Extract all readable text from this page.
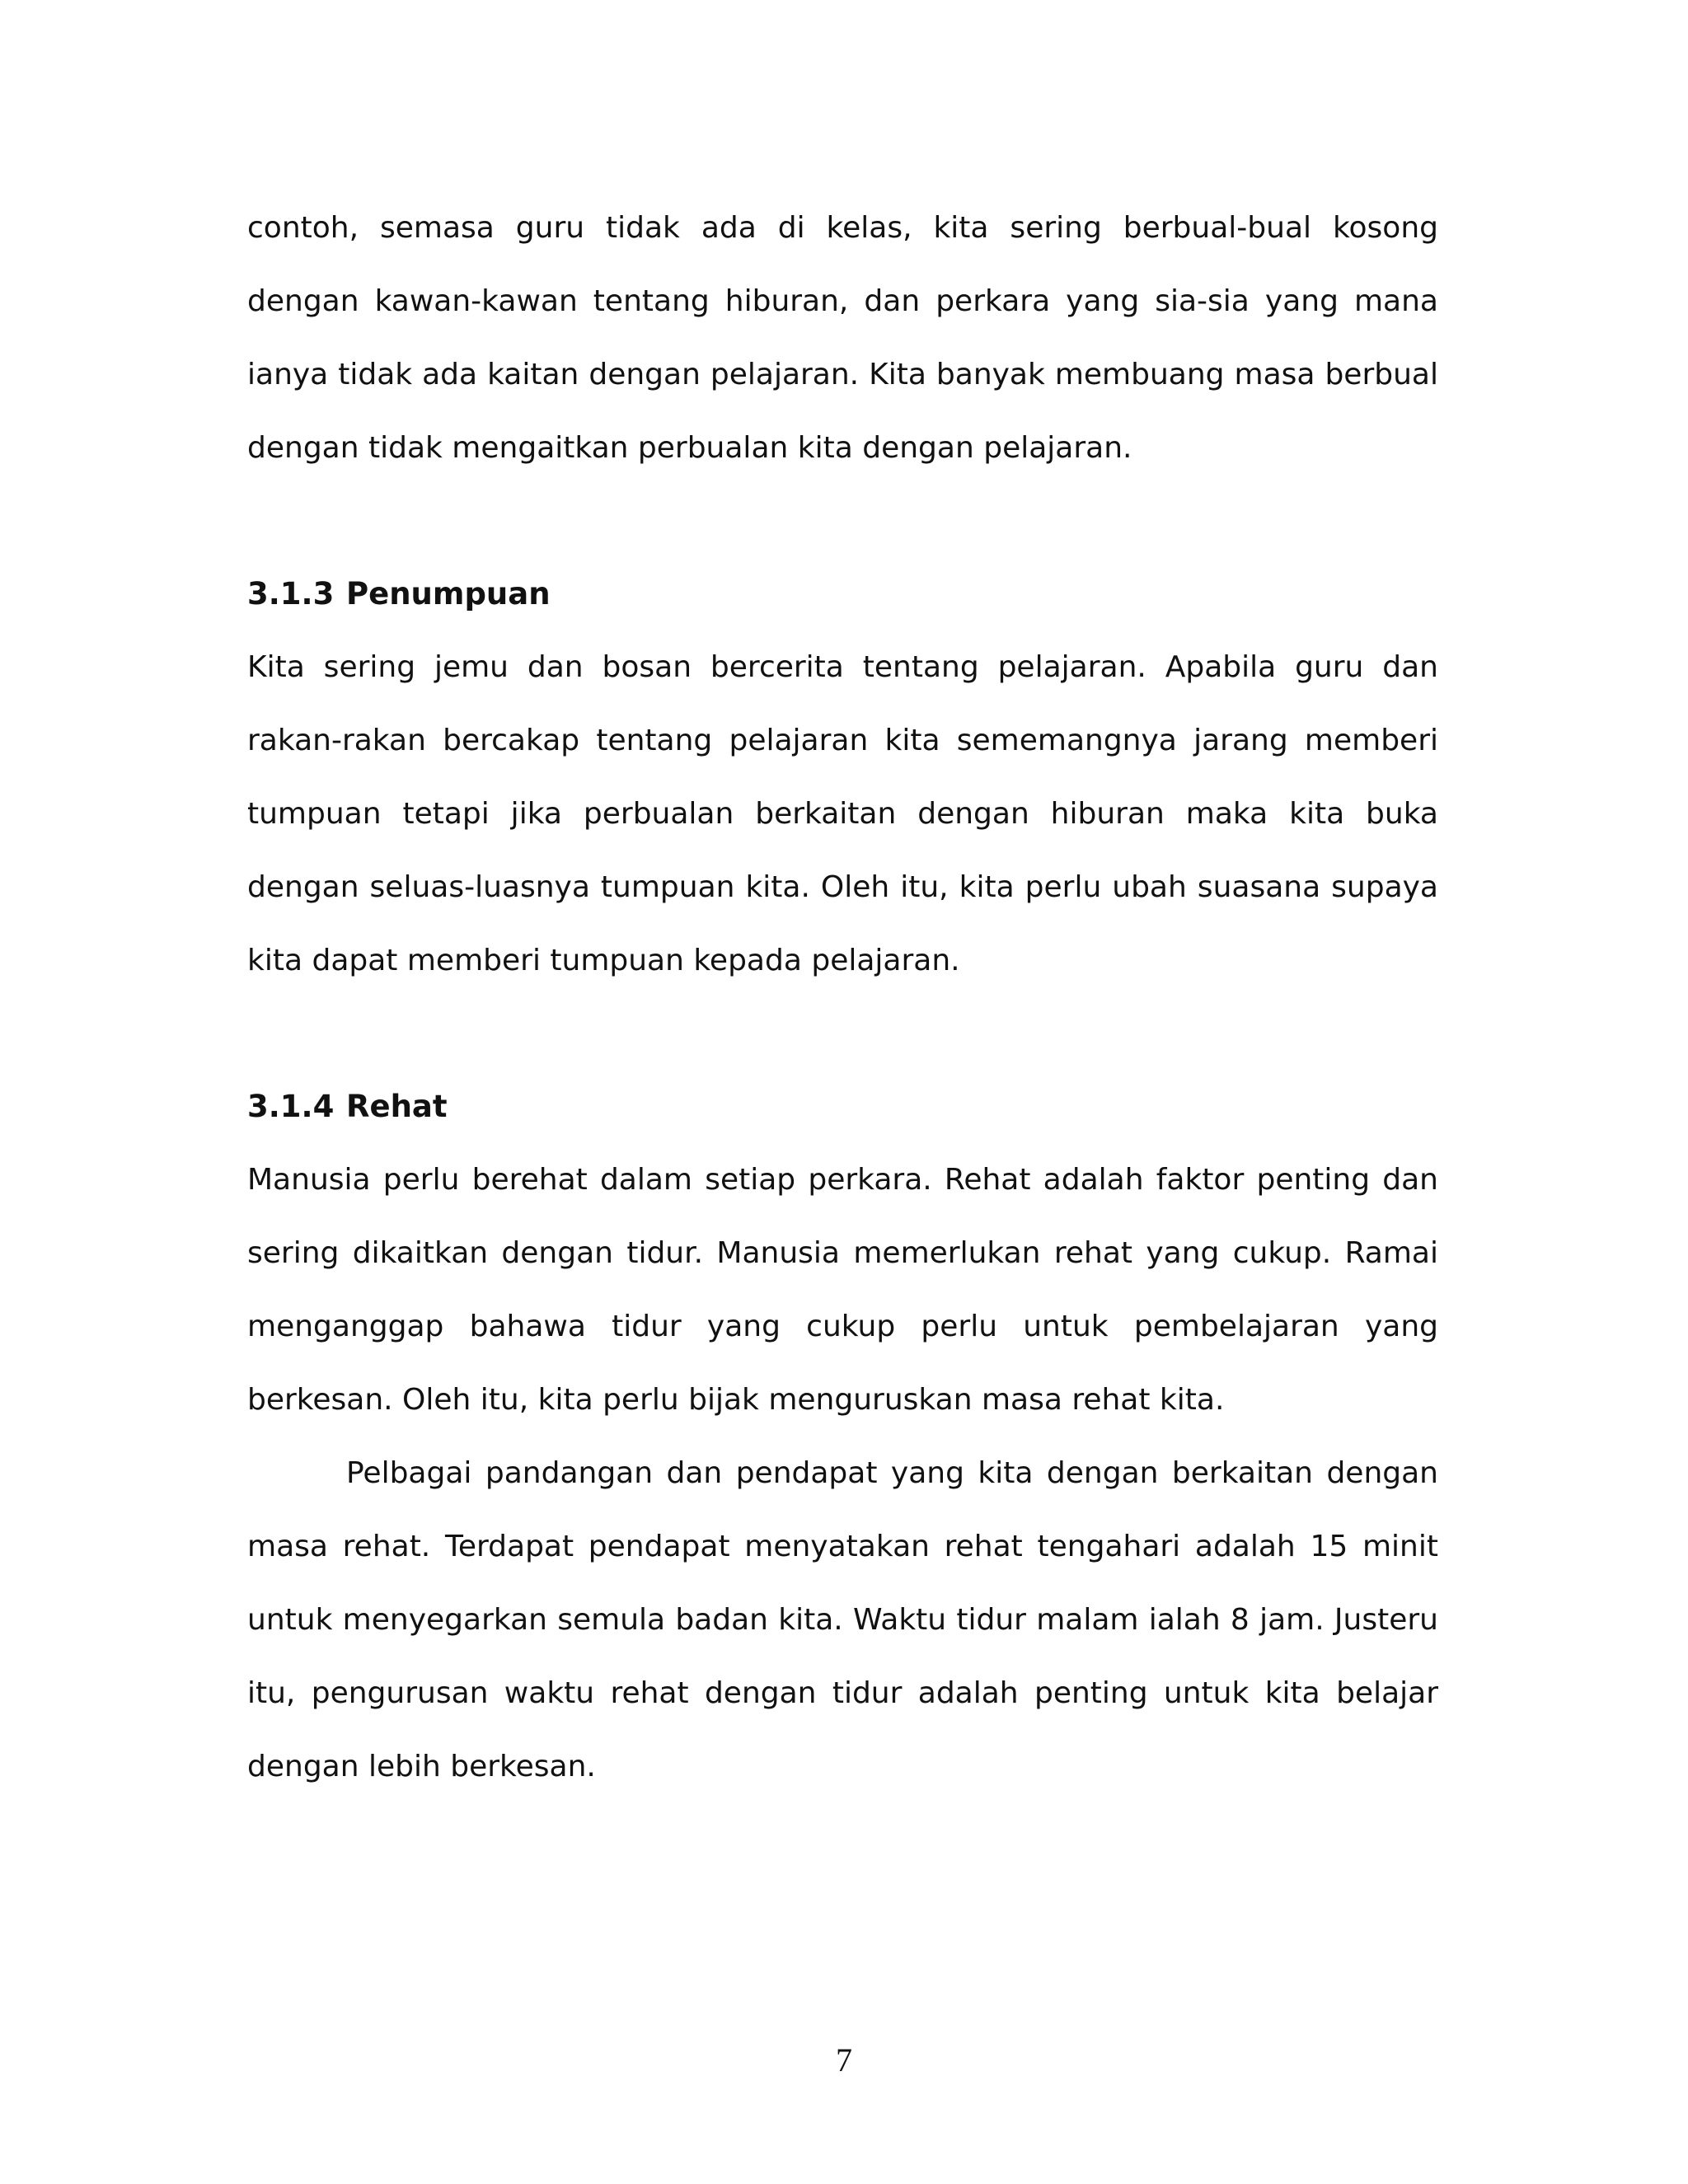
contoh, semasa guru tidak ada di kelas, kita sering berbual-bual kosong dengan kawan-kawan tentang hiburan, dan perkara yang sia-sia yang mana ianya tidak ada kaitan dengan pelajaran. Kita banyak membuang masa berbual dengan tidak mengaitkan perbualan kita dengan pelajaran.

3.1.3 Penumpuan

Kita sering jemu dan bosan bercerita tentang pelajaran. Apabila guru dan rakan-rakan bercakap tentang pelajaran kita sememangnya jarang memberi tumpuan tetapi jika perbualan berkaitan dengan hiburan maka kita buka dengan seluas-luasnya tumpuan kita. Oleh itu, kita perlu ubah suasana supaya kita dapat memberi tumpuan kepada pelajaran.

3.1.4 Rehat

Manusia perlu berehat dalam setiap perkara. Rehat adalah faktor penting dan sering dikaitkan dengan tidur. Manusia memerlukan rehat yang cukup. Ramai menganggap bahawa tidur yang cukup perlu untuk pembelajaran yang berkesan. Oleh itu, kita perlu bijak menguruskan masa rehat kita.

Pelbagai pandangan dan pendapat yang kita dengan berkaitan dengan masa rehat. Terdapat pendapat menyatakan rehat tengahari adalah 15 minit untuk menyegarkan semula badan kita. Waktu tidur malam ialah 8 jam. Justeru itu, pengurusan waktu rehat dengan tidur adalah penting untuk kita belajar dengan lebih berkesan.

7
